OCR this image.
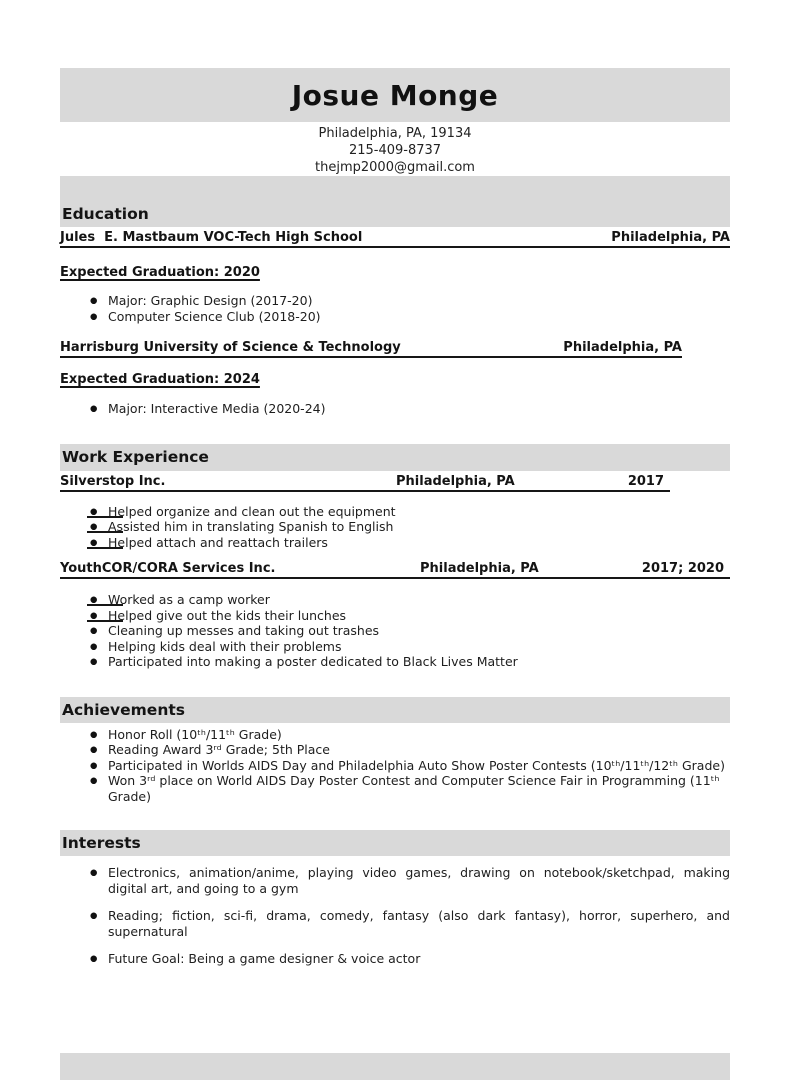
Josue Monge
Philadelphia, PA, 19134
215-409-8737
thejmp2000@gmail.com
Education
Jules  E. Mastbaum VOC-Tech High School	Philadelphia, PA
Expected Graduation: 2020
● Major: Graphic Design (2017-20)
● Computer Science Club (2018-20)
Harrisburg University of Science & Technology	Philadelphia, PA
Expected Graduation: 2024
● Major: Interactive Media (2020-24)
Work Experience
Silverstop Inc.	Philadelphia, PA	2017
● Helped organize and clean out the equipment
● Assisted him in translating Spanish to English
● Helped attach and reattach trailers
YouthCOR/CORA Services Inc.	Philadelphia, PA	2017; 2020
● Worked as a camp worker
● Helped give out the kids their lunches
● Cleaning up messes and taking out trashes
● Helping kids deal with their problems
● Participated into making a poster dedicated to Black Lives Matter
Achievements
● Honor Roll (10ᵗʰ/11ᵗʰ Grade)
● Reading Award 3ʳᵈ Grade; 5th Place
● Participated in Worlds AIDS Day and Philadelphia Auto Show Poster Contests (10ᵗʰ/11ᵗʰ/12ᵗʰ Grade)
● Won 3ʳᵈ place on World AIDS Day Poster Contest and Computer Science Fair in Programming (11ᵗʰ Grade)
Interests
● Electronics, animation/anime, playing video games, drawing on notebook/sketchpad, making digital art, and going to a gym
● Reading; fiction, sci-fi, drama, comedy, fantasy (also dark fantasy), horror, superhero, and supernatural
● Future Goal: Being a game designer & voice actor
